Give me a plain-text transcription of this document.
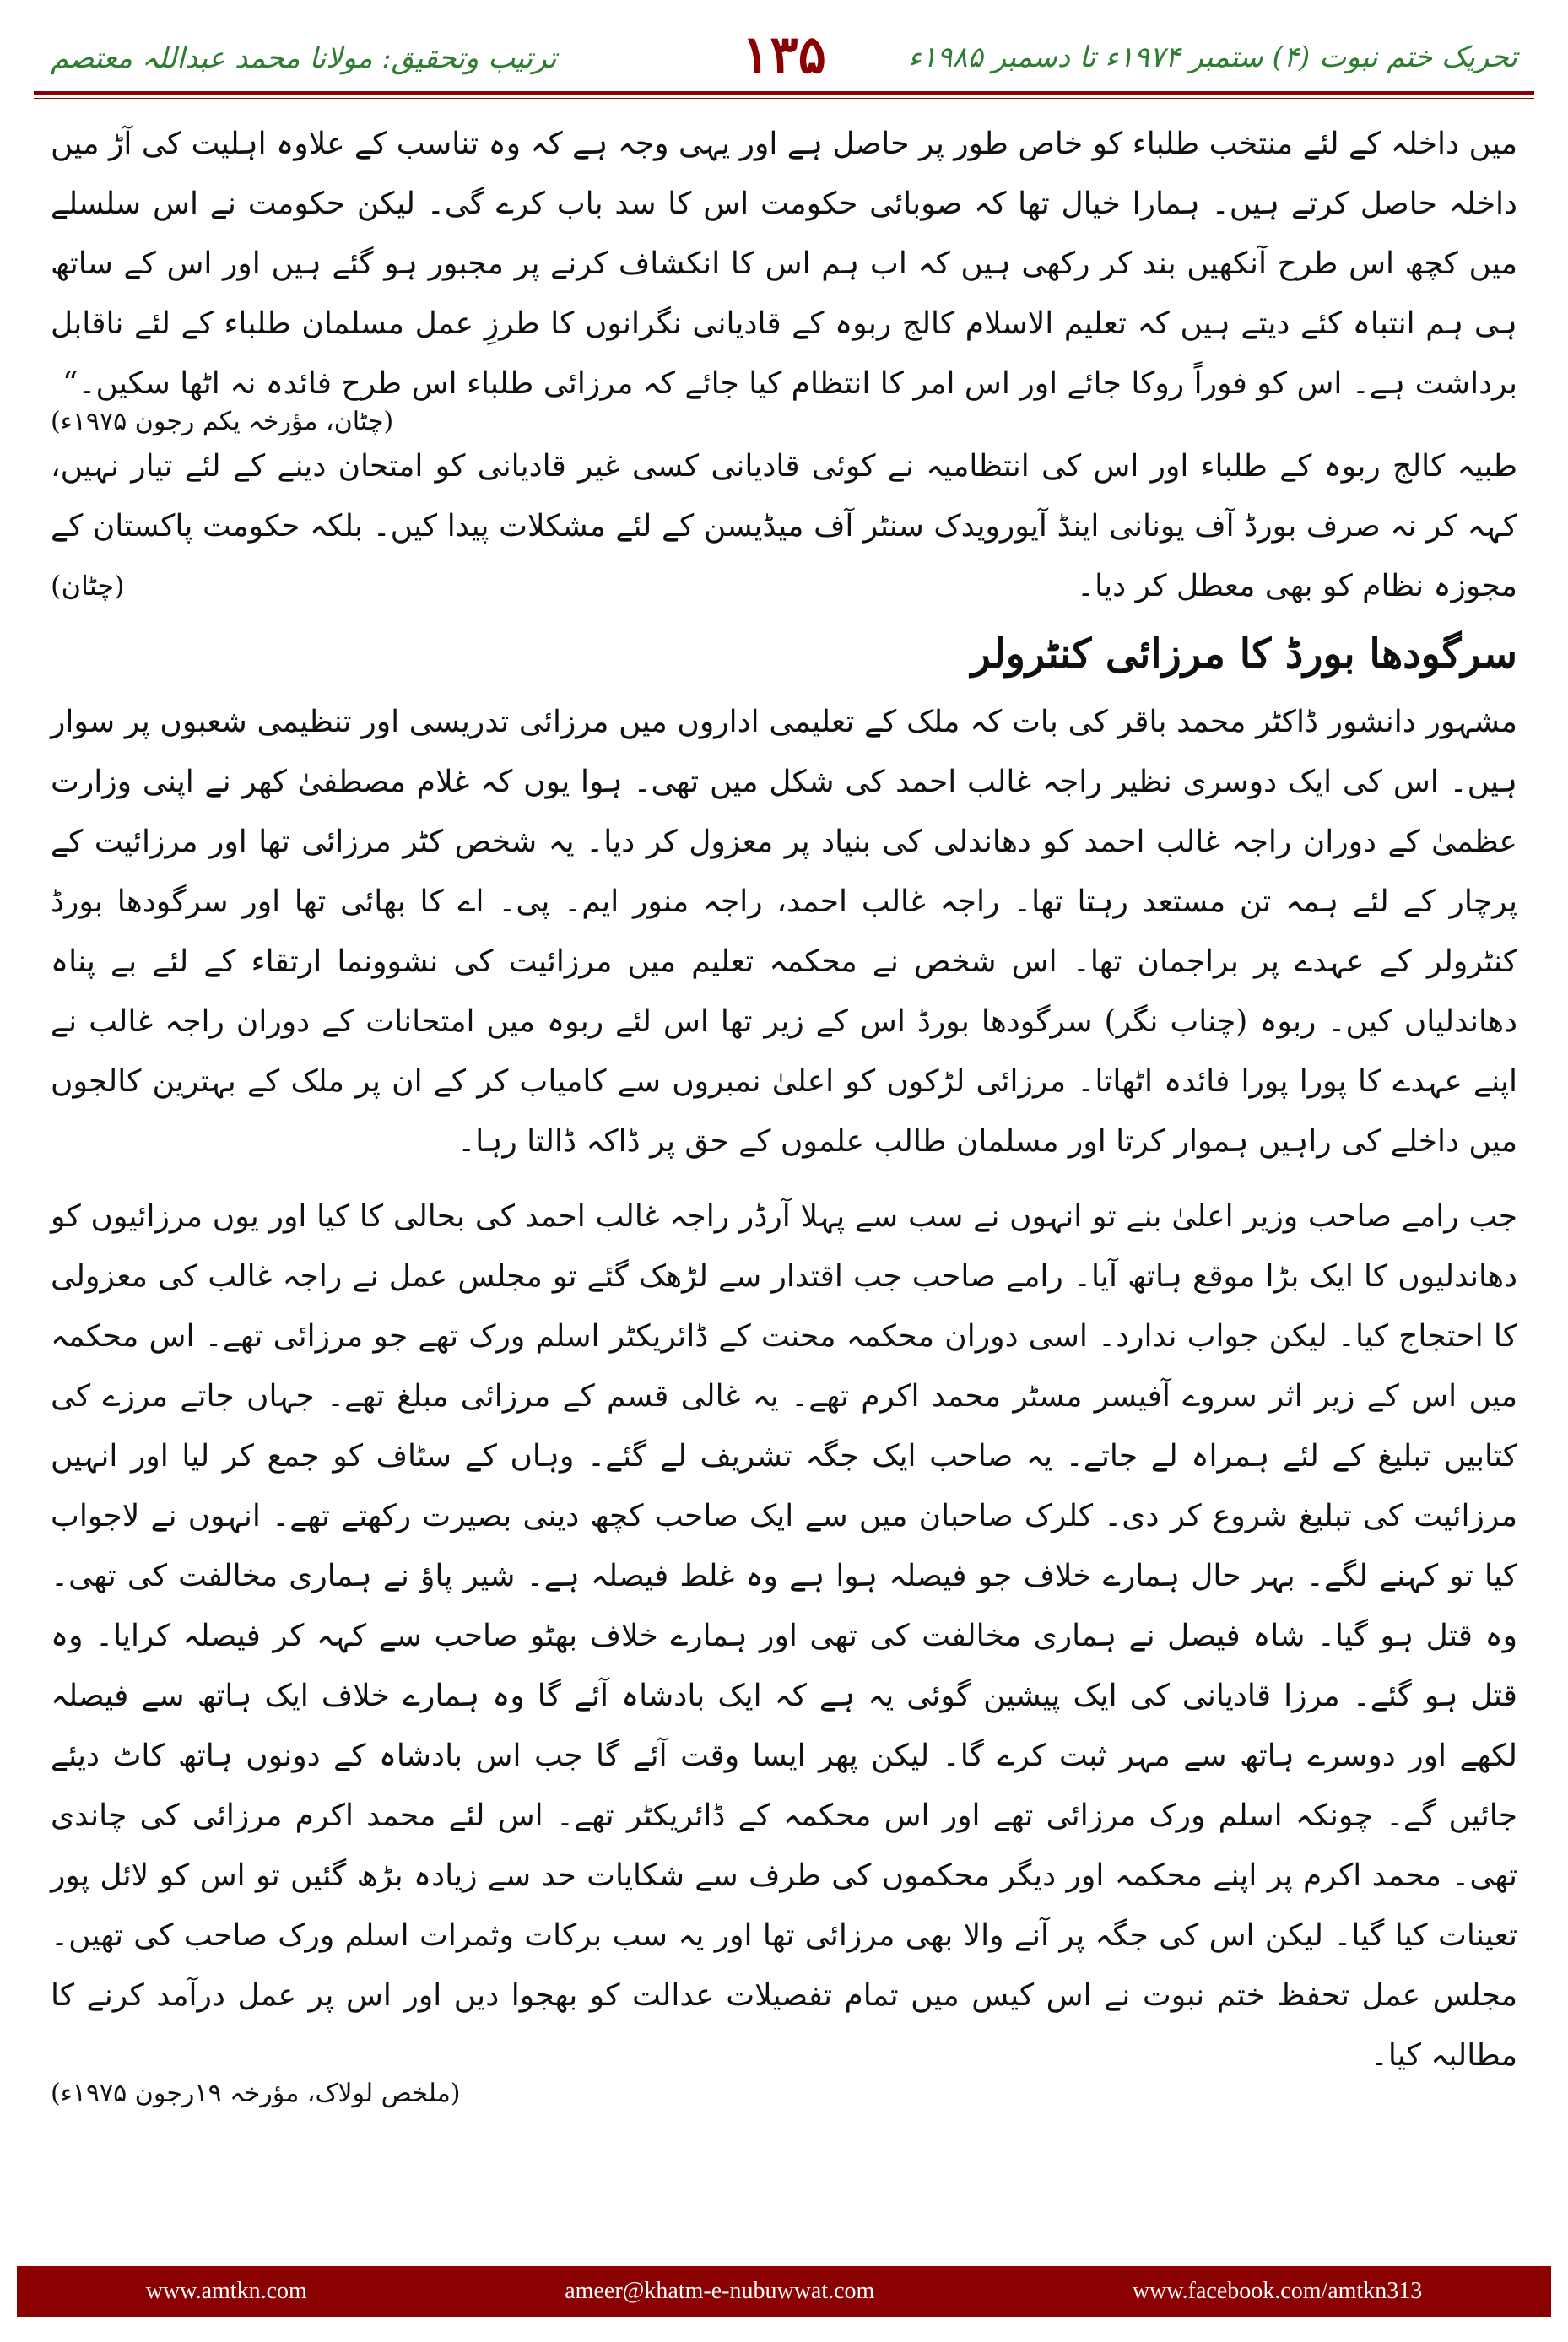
تحریک ختم نبوت (۴) ستمبر ۱۹۷۴ء تا دسمبر ۱۹۸۵ء
۱۳۵
ترتیب وتحقیق: مولانا محمد عبداللہ معتصم

میں داخلہ کے لئے منتخب طلباء کو خاص طور پر حاصل ہے اور یہی وجہ ہے کہ وہ تناسب کے علاوہ اہلیت کی آڑ میں داخلہ حاصل کرتے ہیں۔ ہمارا خیال تھا کہ صوبائی حکومت اس کا سد باب کرے گی۔ لیکن حکومت نے اس سلسلے میں کچھ اس طرح آنکھیں بند کر رکھی ہیں کہ اب ہم اس کا انکشاف کرنے پر مجبور ہو گئے ہیں اور اس کے ساتھ ہی ہم انتباہ کئے دیتے ہیں کہ تعلیم الاسلام کالج ربوہ کے قادیانی نگرانوں کا طرزِ عمل مسلمان طلباء کے لئے ناقابل برداشت ہے۔ اس کو فوراً روکا جائے اور اس امر کا انتظام کیا جائے کہ مرزائی طلباء اس طرح فائدہ نہ اٹھا سکیں۔“

(چٹان، مؤرخہ یکم رجون ۱۹۷۵ء)

طبیہ کالج ربوہ کے طلباء اور اس کی انتظامیہ نے کوئی قادیانی کسی غیر قادیانی کو امتحان دینے کے لئے تیار نہیں، کہہ کر نہ صرف بورڈ آف یونانی اینڈ آیورویدک سنٹر آف میڈیسن کے لئے مشکلات پیدا کیں۔ بلکہ حکومت پاکستان کے مجوزہ نظام کو بھی معطل کر دیا۔
(چٹان)

سرگودھا بورڈ کا مرزائی کنٹرولر

مشہور دانشور ڈاکٹر محمد باقر کی بات کہ ملک کے تعلیمی اداروں میں مرزائی تدریسی اور تنظیمی شعبوں پر سوار ہیں۔ اس کی ایک دوسری نظیر راجہ غالب احمد کی شکل میں تھی۔ ہوا یوں کہ غلام مصطفیٰ کھر نے اپنی وزارت عظمیٰ کے دوران راجہ غالب احمد کو دھاندلی کی بنیاد پر معزول کر دیا۔ یہ شخص کٹر مرزائی تھا اور مرزائیت کے پرچار کے لئے ہمہ تن مستعد رہتا تھا۔ راجہ غالب احمد، راجہ منور ایم۔ پی۔ اے کا بھائی تھا اور سرگودھا بورڈ کنٹرولر کے عہدے پر براجمان تھا۔ اس شخص نے محکمہ تعلیم میں مرزائیت کی نشوونما ارتقاء کے لئے بے پناہ دھاندلیاں کیں۔ ربوہ (چناب نگر) سرگودھا بورڈ اس کے زیر تھا اس لئے ربوہ میں امتحانات کے دوران راجہ غالب نے اپنے عہدے کا پورا پورا فائدہ اٹھاتا۔ مرزائی لڑکوں کو اعلیٰ نمبروں سے کامیاب کر کے ان پر ملک کے بہترین کالجوں میں داخلے کی راہیں ہموار کرتا اور مسلمان طالب علموں کے حق پر ڈاکہ ڈالتا رہا۔

جب رامے صاحب وزیر اعلیٰ بنے تو انہوں نے سب سے پہلا آرڈر راجہ غالب احمد کی بحالی کا کیا اور یوں مرزائیوں کو دھاندلیوں کا ایک بڑا موقع ہاتھ آیا۔ رامے صاحب جب اقتدار سے لڑھک گئے تو مجلس عمل نے راجہ غالب کی معزولی کا احتجاج کیا۔ لیکن جواب ندارد۔ اسی دوران محکمہ محنت کے ڈائریکٹر اسلم ورک تھے جو مرزائی تھے۔ اس محکمہ میں اس کے زیر اثر سروے آفیسر مسٹر محمد اکرم تھے۔ یہ غالی قسم کے مرزائی مبلغ تھے۔ جہاں جاتے مرزے کی کتابیں تبلیغ کے لئے ہمراہ لے جاتے۔ یہ صاحب ایک جگہ تشریف لے گئے۔ وہاں کے سٹاف کو جمع کر لیا اور انہیں مرزائیت کی تبلیغ شروع کر دی۔ کلرک صاحبان میں سے ایک صاحب کچھ دینی بصیرت رکھتے تھے۔ انہوں نے لاجواب کیا تو کہنے لگے۔ بہر حال ہمارے خلاف جو فیصلہ ہوا ہے وہ غلط فیصلہ ہے۔ شیر پاؤ نے ہماری مخالفت کی تھی۔ وہ قتل ہو گیا۔ شاہ فیصل نے ہماری مخالفت کی تھی اور ہمارے خلاف بھٹو صاحب سے کہہ کر فیصلہ کرایا۔ وہ قتل ہو گئے۔ مرزا قادیانی کی ایک پیشین گوئی یہ ہے کہ ایک بادشاہ آئے گا وہ ہمارے خلاف ایک ہاتھ سے فیصلہ لکھے اور دوسرے ہاتھ سے مہر ثبت کرے گا۔ لیکن پھر ایسا وقت آئے گا جب اس بادشاہ کے دونوں ہاتھ کاٹ دیئے جائیں گے۔ چونکہ اسلم ورک مرزائی تھے اور اس محکمہ کے ڈائریکٹر تھے۔ اس لئے محمد اکرم مرزائی کی چاندی تھی۔ محمد اکرم پر اپنے محکمہ اور دیگر محکموں کی طرف سے شکایات حد سے زیادہ بڑھ گئیں تو اس کو لائل پور تعینات کیا گیا۔ لیکن اس کی جگہ پر آنے والا بھی مرزائی تھا اور یہ سب برکات وثمرات اسلم ورک صاحب کی تھیں۔ مجلس عمل تحفظ ختم نبوت نے اس کیس میں تمام تفصیلات عدالت کو بھجوا دیں اور اس پر عمل درآمد کرنے کا مطالبہ کیا۔

(ملخص لولاک، مؤرخہ ۱۹رجون ۱۹۷۵ء)
www.amtkn.com	ameer@khatm-e-nubuwwat.com	www.facebook.com/amtkn313
